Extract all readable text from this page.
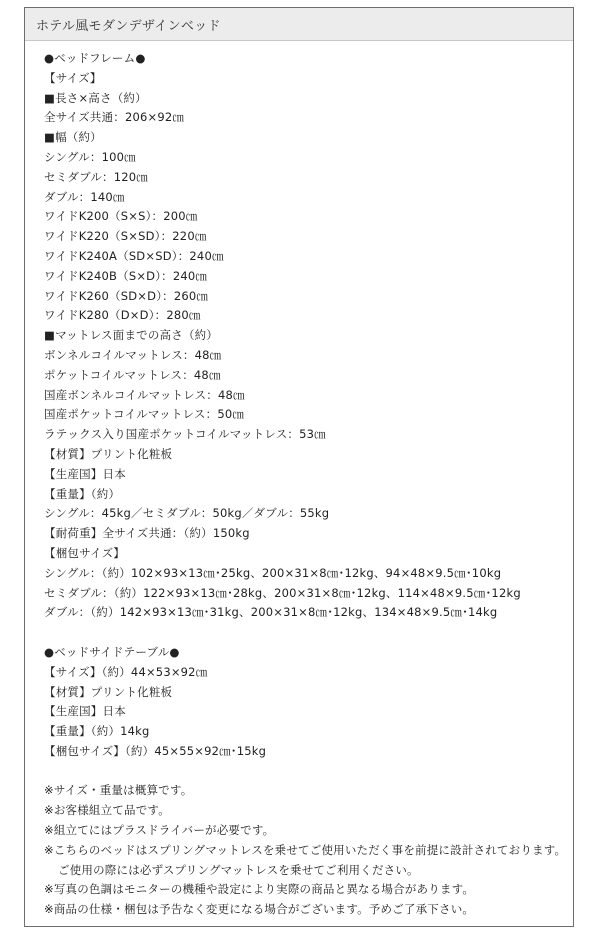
ホテル風モダンデザインベッド
●ベッドフレーム●
【サイズ】
■長さ×高さ（約）
全サイズ共通：206×92㎝
■幅（約）
シングル：100㎝
セミダブル：120㎝
ダブル：140㎝
ワイドK200（S×S）：200㎝
ワイドK220（S×SD）：220㎝
ワイドK240A（SD×SD）：240㎝
ワイドK240B（S×D）：240㎝
ワイドK260（SD×D）：260㎝
ワイドK280（D×D）：280㎝
■マットレス面までの高さ（約）
ボンネルコイルマットレス：48㎝
ポケットコイルマットレス：48㎝
国産ボンネルコイルマットレス：48㎝
国産ポケットコイルマットレス：50㎝
ラテックス入り国産ポケットコイルマットレス：53㎝
【材質】プリント化粧板
【生産国】日本
【重量】（約）
シングル：45kg／セミダブル：50kg／ダブル：55kg
【耐荷重】全サイズ共通：（約）150kg
【梱包サイズ】
シングル：（約）102×93×13㎝･25kg、200×31×8㎝･12kg、94×48×9.5㎝･10kg
セミダブル：（約）122×93×13㎝･28kg、200×31×8㎝･12kg、114×48×9.5㎝･12kg
ダブル：（約）142×93×13㎝･31kg、200×31×8㎝･12kg、134×48×9.5㎝･14kg
●ベッドサイドテーブル●
【サイズ】（約）44×53×92㎝
【材質】プリント化粧板
【生産国】日本
【重量】（約）14kg
【梱包サイズ】（約）45×55×92㎝･15kg
※サイズ・重量は概算です。
※お客様組立て品です。
※組立てにはプラスドライバーが必要です。
※こちらのベッドはスプリングマットレスを乗せてご使用いただく事を前提に設計されております。
ご使用の際には必ずスプリングマットレスを乗せてご利用ください。
※写真の色調はモニターの機種や設定により実際の商品と異なる場合があります。
※商品の仕様・梱包は予告なく変更になる場合がございます。予めご了承下さい。
